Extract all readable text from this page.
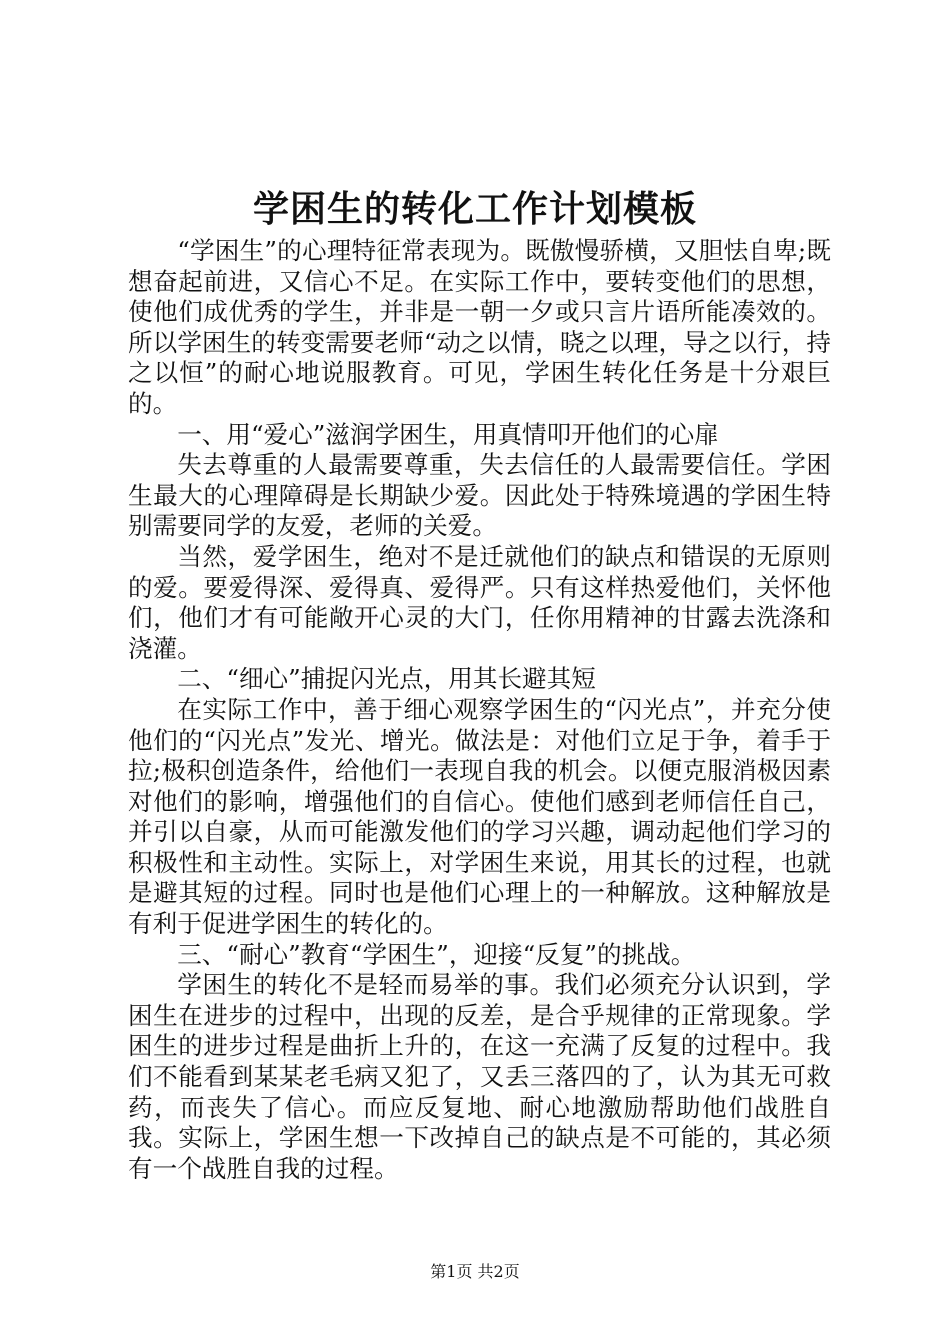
学困生的转化工作计划模板

“学困生”的心理特征常表现为。既傲慢骄横，又胆怯自卑;既想奋起前进，又信心不足。在实际工作中，要转变他们的思想，使他们成优秀的学生，并非是一朝一夕或只言片语所能凑效的。所以学困生的转变需要老师“动之以情，晓之以理，导之以行，持之以恒”的耐心地说服教育。可见，学困生转化任务是十分艰巨的。

一、用“爱心”滋润学困生，用真情叩开他们的心扉

失去尊重的人最需要尊重，失去信任的人最需要信任。学困生最大的心理障碍是长期缺少爱。因此处于特殊境遇的学困生特别需要同学的友爱，老师的关爱。

当然，爱学困生，绝对不是迁就他们的缺点和错误的无原则的爱。要爱得深、爱得真、爱得严。只有这样热爱他们，关怀他们，他们才有可能敞开心灵的大门，任你用精神的甘露去洗涤和浇灌。

二、“细心”捕捉闪光点，用其长避其短

在实际工作中，善于细心观察学困生的“闪光点”，并充分使他们的“闪光点”发光、增光。做法是：对他们立足于争，着手于拉;极积创造条件，给他们一表现自我的机会。以便克服消极因素对他们的影响，增强他们的自信心。使他们感到老师信任自己，并引以自豪，从而可能激发他们的学习兴趣，调动起他们学习的积极性和主动性。实际上，对学困生来说，用其长的过程，也就是避其短的过程。同时也是他们心理上的一种解放。这种解放是有利于促进学困生的转化的。

三、“耐心”教育“学困生”，迎接“反复”的挑战。

学困生的转化不是轻而易举的事。我们必须充分认识到，学困生在进步的过程中，出现的反差，是合乎规律的正常现象。学困生的进步过程是曲折上升的，在这一充满了反复的过程中。我们不能看到某某老毛病又犯了，又丢三落四的了，认为其无可救药，而丧失了信心。而应反复地、耐心地激励帮助他们战胜自我。实际上，学困生想一下改掉自己的缺点是不可能的，其必须有一个战胜自我的过程。

第1页 共2页
